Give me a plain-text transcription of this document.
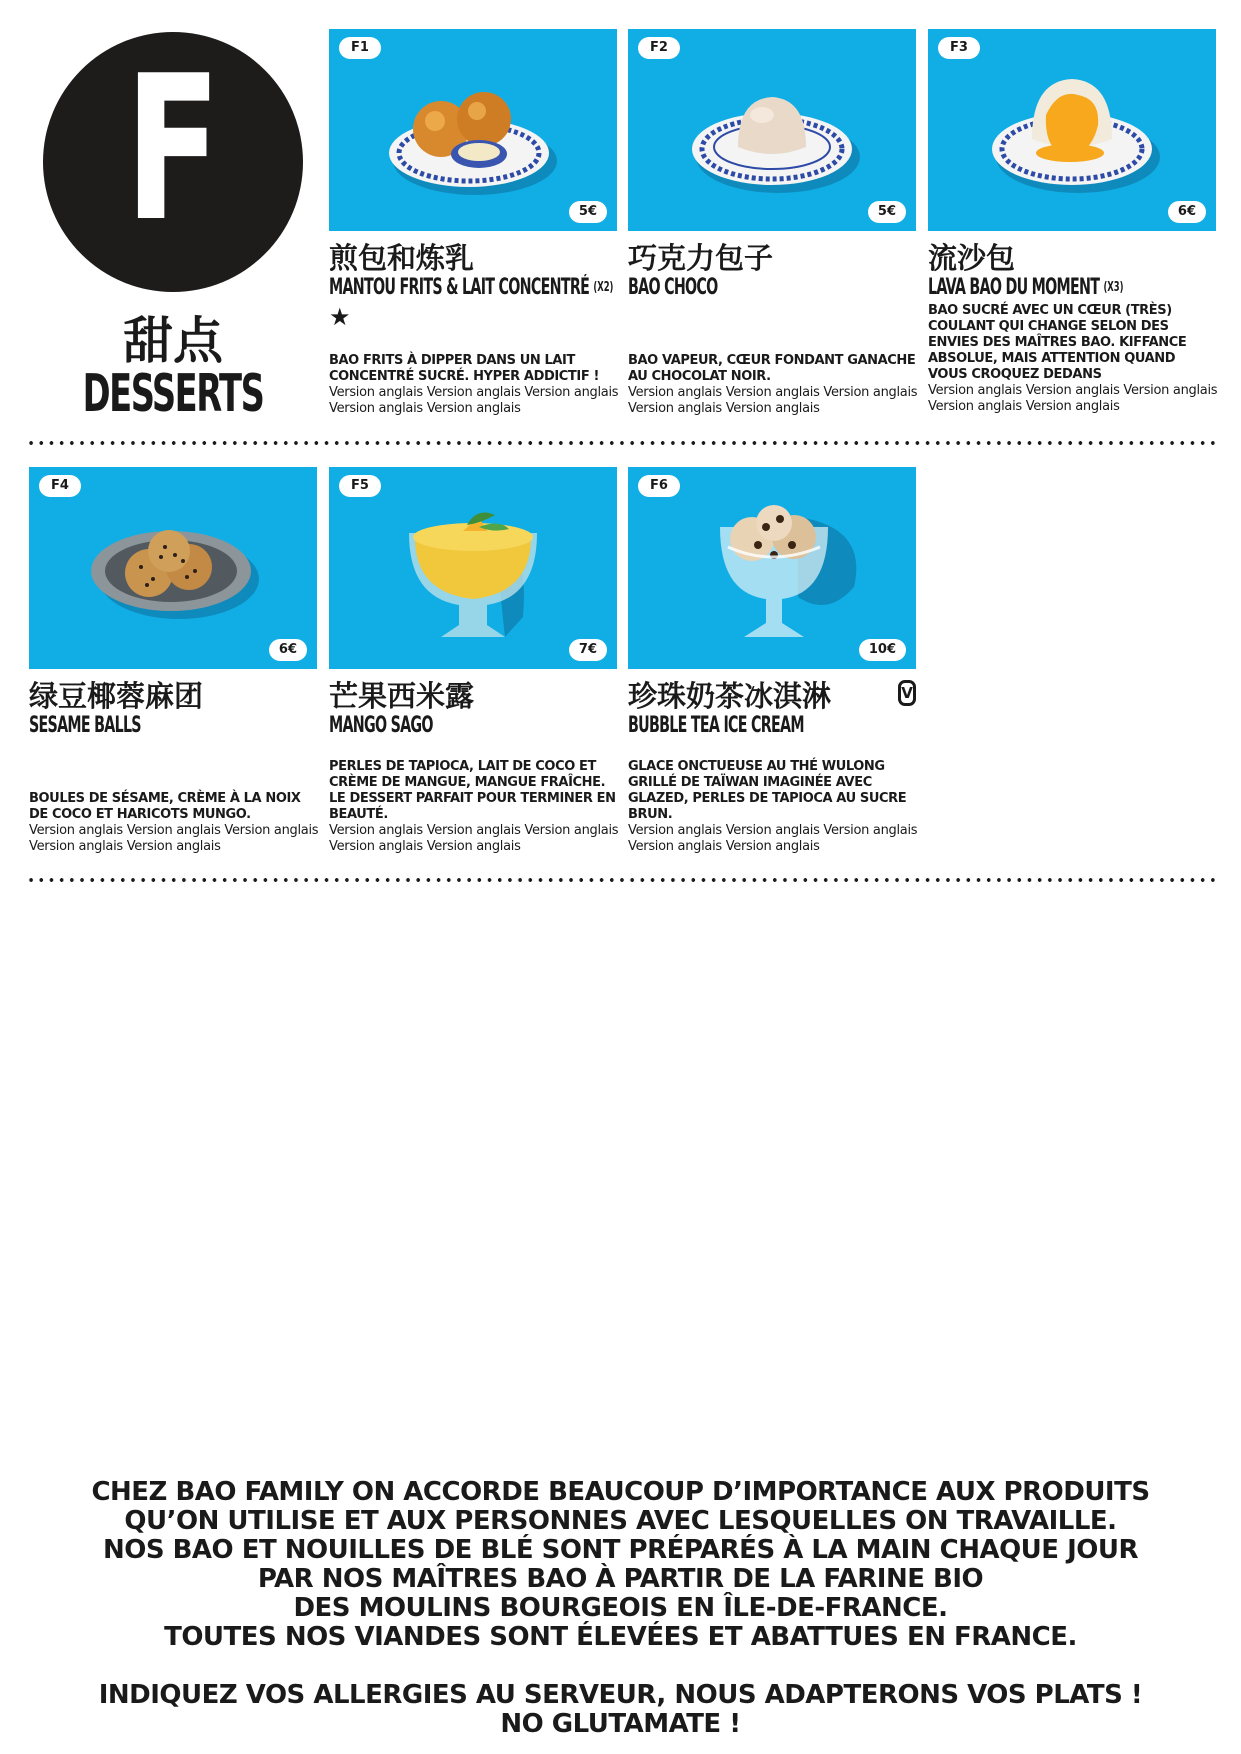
F
甜点
DESSERTS
F1
5€
煎包和炼乳
MANTOU FRITS & LAIT CONCENTRÉ $^{(X2)}$
★
BAO FRITS À DIPPER DANS UN LAIT CONCENTRÉ SUCRÉ. HYPER ADDICTIF !
Version anglais Version anglais Version anglais Version anglais Version anglais
F2
5€
巧克力包子
BAO CHOCO
BAO VAPEUR, CŒUR FONDANT GANACHE AU CHOCOLAT NOIR.
Version anglais Version anglais Version anglais Version anglais Version anglais
F3
6€
流沙包
LAVA BAO DU MOMENT $^{(X3)}$
BAO SUCRÉ AVEC UN CŒUR (TRÈS) COULANT QUI CHANGE SELON DES ENVIES DES MAÎTRES BAO. KIFFANCE ABSOLUE, MAIS ATTENTION QUAND VOUS CROQUEZ DEDANS
Version anglais Version anglais Version anglais Version anglais Version anglais
F4
6€
绿豆椰蓉麻团
SESAME BALLS
BOULES DE SÉSAME, CRÈME À LA NOIX DE COCO ET HARICOTS MUNGO.
Version anglais Version anglais Version anglais Version anglais Version anglais
F5
7€
芒果西米露
MANGO SAGO
PERLES DE TAPIOCA, LAIT DE COCO ET CRÈME DE MANGUE, MANGUE FRAÎCHE. LE DESSERT PARFAIT POUR TERMINER EN BEAUTÉ.
Version anglais Version anglais Version anglais Version anglais Version anglais
F6
10€
珍珠奶茶冰淇淋
BUBBLE TEA ICE CREAM
V
GLACE ONCTUEUSE AU THÉ WULONG GRILLÉ DE TAÏWAN IMAGINÉE AVEC GLAZED, PERLES DE TAPIOCA AU SUCRE BRUN.
Version anglais Version anglais Version anglais Version anglais Version anglais

CHEZ BAO FAMILY ON ACCORDE BEAUCOUP D’IMPORTANCE AUX PRODUITS

QU’ON UTILISE ET AUX PERSONNES AVEC LESQUELLES ON TRAVAILLE.

NOS BAO ET NOUILLES DE BLÉ SONT PRÉPARÉS À LA MAIN CHAQUE JOUR

PAR NOS MAÎTRES BAO À PARTIR DE LA FARINE BIO

DES MOULINS BOURGEOIS EN ÎLE-DE-FRANCE.

TOUTES NOS VIANDES SONT ÉLEVÉES ET ABATTUES EN FRANCE.

INDIQUEZ VOS ALLERGIES AU SERVEUR, NOUS ADAPTERONS VOS PLATS !

NO GLUTAMATE !
